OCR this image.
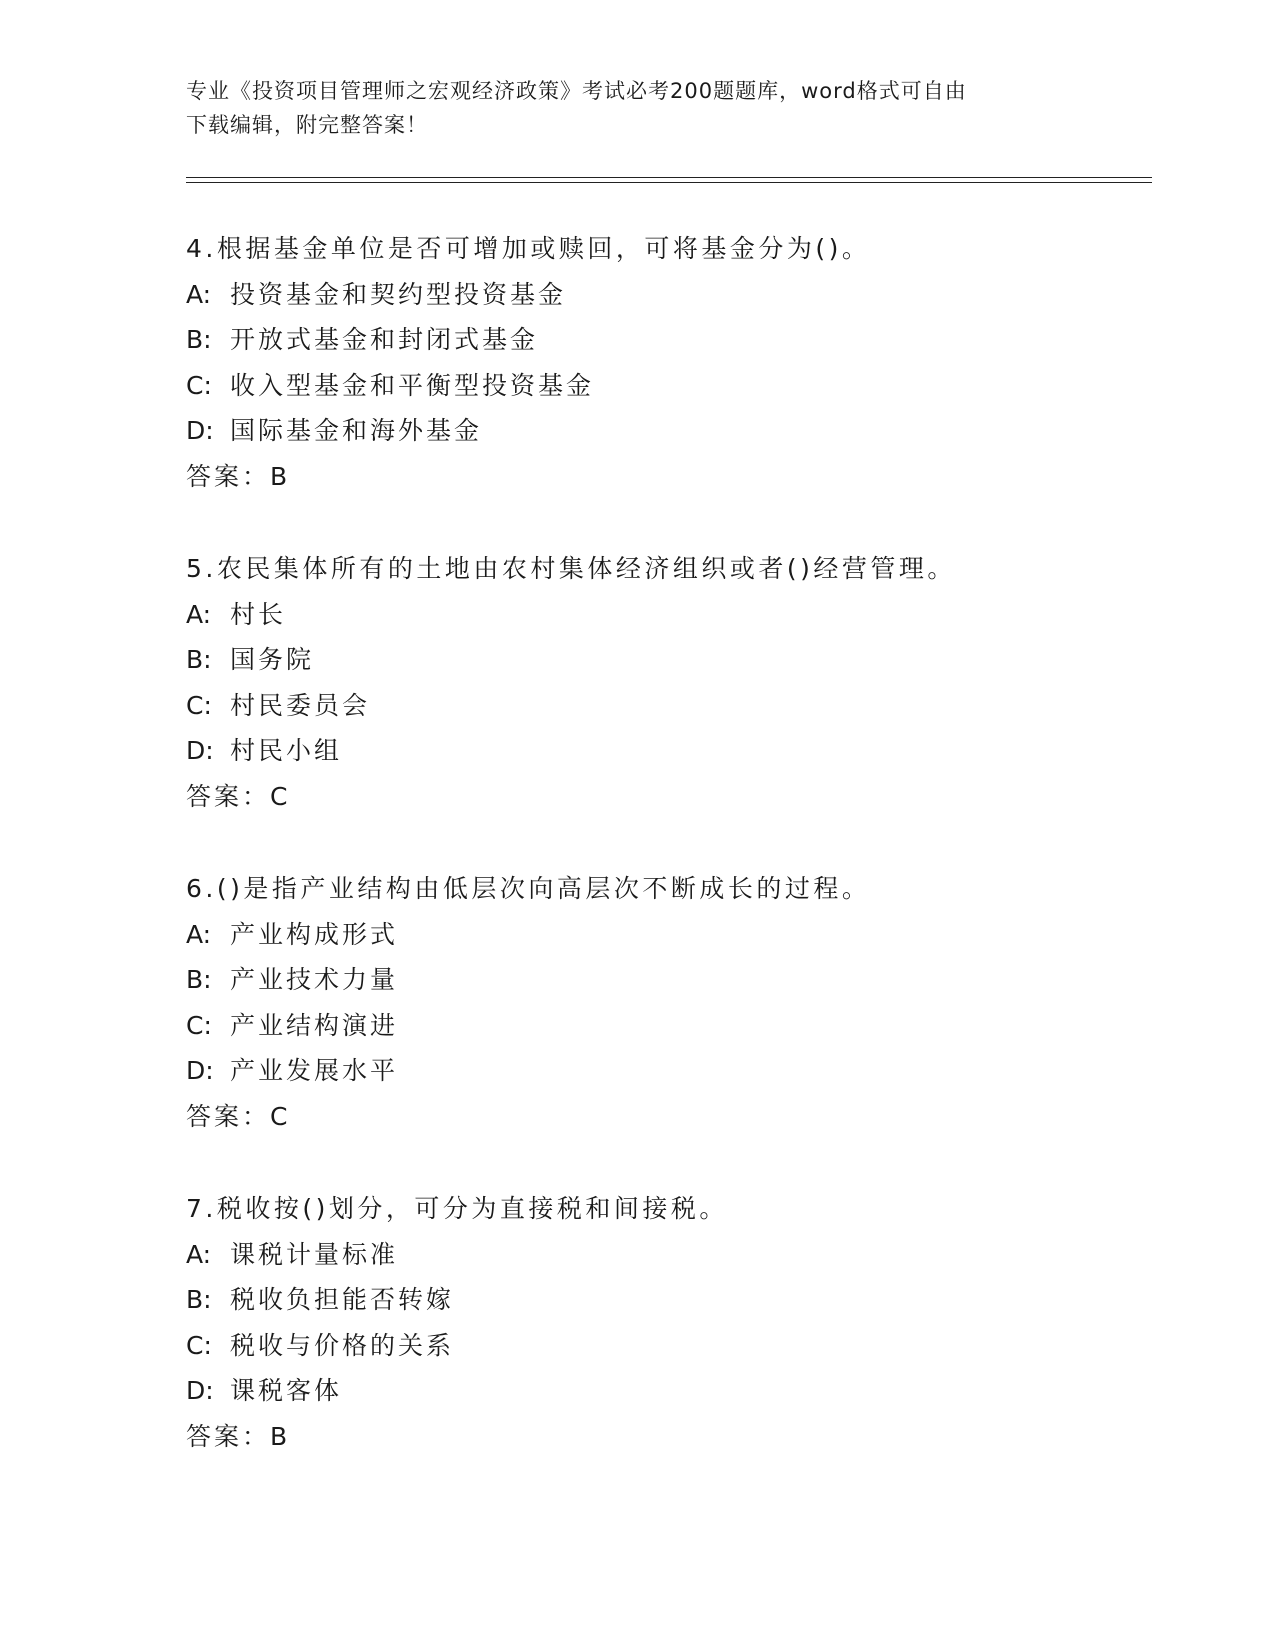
专业《投资项目管理师之宏观经济政策》考试必考200题题库，word格式可自由
下载编辑，附完整答案！
4.根据基金单位是否可增加或赎回，可将基金分为()。
A: 投资基金和契约型投资基金
B: 开放式基金和封闭式基金
C: 收入型基金和平衡型投资基金
D: 国际基金和海外基金
答案：B
5.农民集体所有的土地由农村集体经济组织或者()经营管理。
A: 村长
B: 国务院
C: 村民委员会
D: 村民小组
答案：C
6.()是指产业结构由低层次向高层次不断成长的过程。
A: 产业构成形式
B: 产业技术力量
C: 产业结构演进
D: 产业发展水平
答案：C
7.税收按()划分，可分为直接税和间接税。
A: 课税计量标准
B: 税收负担能否转嫁
C: 税收与价格的关系
D: 课税客体
答案：B
